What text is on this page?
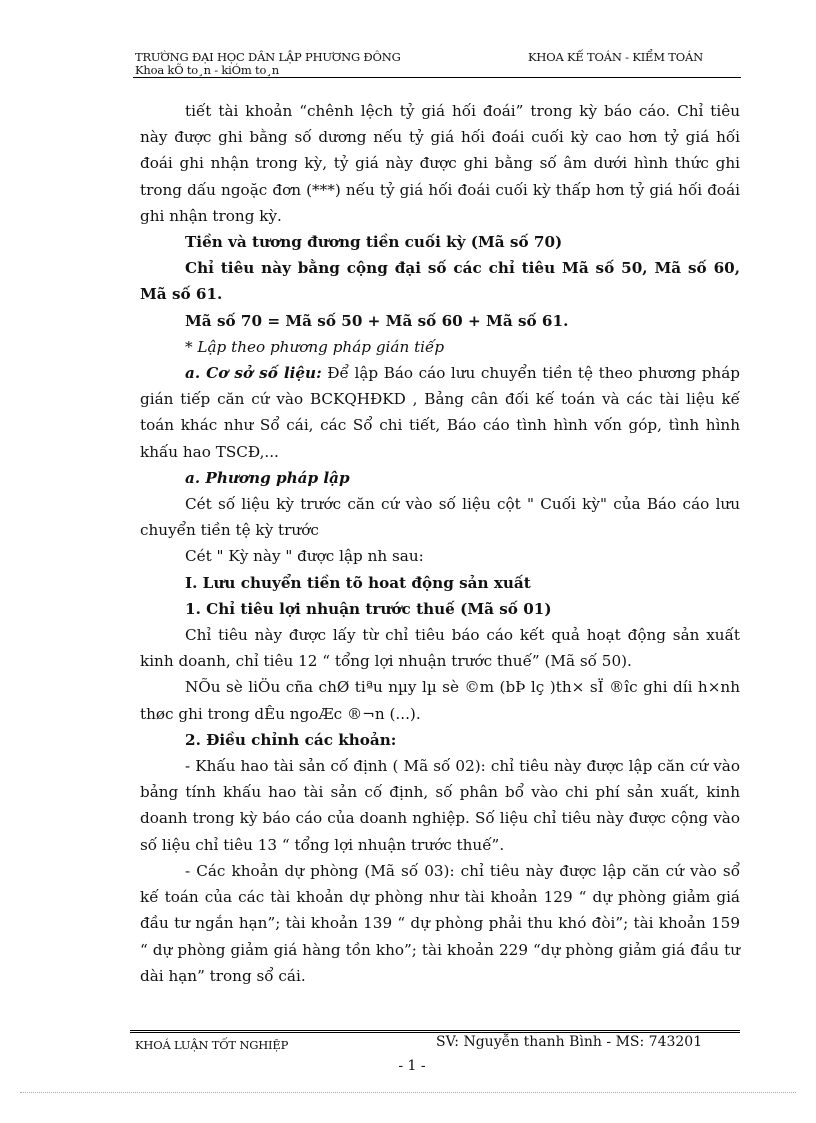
TRƯỜNG ĐẠI HỌC DÂN LẬP PHƯƠNG ĐÔNG
Khoa kÕ to¸n - kiÓm to¸n
KHOA KẾ TOÁN - KIỂM TOÁN

tiết tài khoản “chênh lệch tỷ giá hối đoái” trong kỳ báo cáo. Chỉ tiêu này được ghi bằng số dương nếu tỷ giá hối đoái cuối kỳ cao hơn tỷ giá hối đoái ghi nhận trong kỳ, tỷ giá này được ghi bằng số âm dưới hình thức ghi trong dấu ngoặc đơn (***) nếu tỷ giá hối đoái cuối kỳ thấp hơn tỷ giá hối đoái ghi nhận trong kỳ.

Tiền và tương đương tiền cuối kỳ (Mã số 70)

Chỉ tiêu này bằng cộng đại số các chỉ tiêu Mã số 50, Mã số 60, Mã số 61.

Mã số 70 = Mã số 50 + Mã số 60 + Mã số 61.

* Lập theo phương pháp gián tiếp

a. Cơ sở số liệu: Để lập Báo cáo lưu chuyển tiền tệ theo phương pháp gián tiếp căn cứ vào BCKQHĐKD , Bảng cân đối kế toán và các tài liệu kế toán khác như Sổ cái, các Sổ chi tiết, Báo cáo tình hình vốn góp, tình hình khấu hao TSCĐ,...

a. Phương pháp lập

Cét số liệu kỳ trước căn cứ vào số liệu cột " Cuối kỳ" của Báo cáo lưu chuyển tiền tệ kỳ trước

Cét " Kỳ này " được lập nh sau:

I. Lưu chuyển tiền tõ hoat động sản xuất

1. Chỉ tiêu lợi nhuận trước thuế (Mã số 01)

Chỉ tiêu này được lấy từ chỉ tiêu báo cáo kết quả hoạt động sản xuất kinh doanh, chỉ tiêu 12 “ tổng lợi nhuận trước thuế” (Mã số 50).

NÕu sè liÖu cña chØ tiªu nµy lµ sè ©m (bÞ lç )th× sÏ ®îc ghi díi h×nh thøc ghi trong dÊu ngoÆc ®¬n (...).

2. Điều chỉnh các khoản:

- Khấu hao tài sản cố định ( Mã số 02): chỉ tiêu này được lập căn cứ vào bảng tính khấu hao tài sản cố định, số phân bổ vào chi phí sản xuất, kinh doanh trong kỳ báo cáo của doanh nghiệp. Số liệu chỉ tiêu này được cộng vào số liệu chỉ tiêu 13 “ tổng lợi nhuận trước thuế”.

- Các khoản dự phòng (Mã số 03): chỉ tiêu này được lập căn cứ vào sổ kế toán của các tài khoản dự phòng như tài khoản 129 “ dự phòng giảm giá đầu tư ngắn hạn”; tài khoản 139 “ dự phòng phải thu khó đòi”; tài khoản 159 “ dự phòng giảm giá hàng tồn kho”; tài khoản 229 “dự phòng giảm giá đầu tư dài hạn” trong sổ cái.

KHOÁ LUẬN TỐT NGHIỆP	SV: Nguyễn thanh Bình - MS: 743201
- 1 -
